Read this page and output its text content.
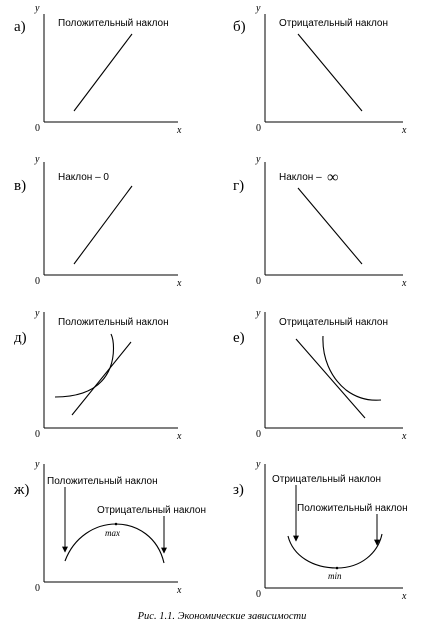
а)
y
x
0
Положительный наклон	б)
y
x
0
Отрицательный наклон
в)
y
x
0
Наклон – 0
г)
y
x
0
Наклон – ∞
д)
y
x
0
Положительный наклон
е)
y
x
0
Отрицательный наклон
ж)
y
x
0
Положительный наклон
Отрицательный наклон
max
з)
y
x
0
Отрицательный наклон
Положительный наклон
min
Рис. 1.1. Экономические зависимости
